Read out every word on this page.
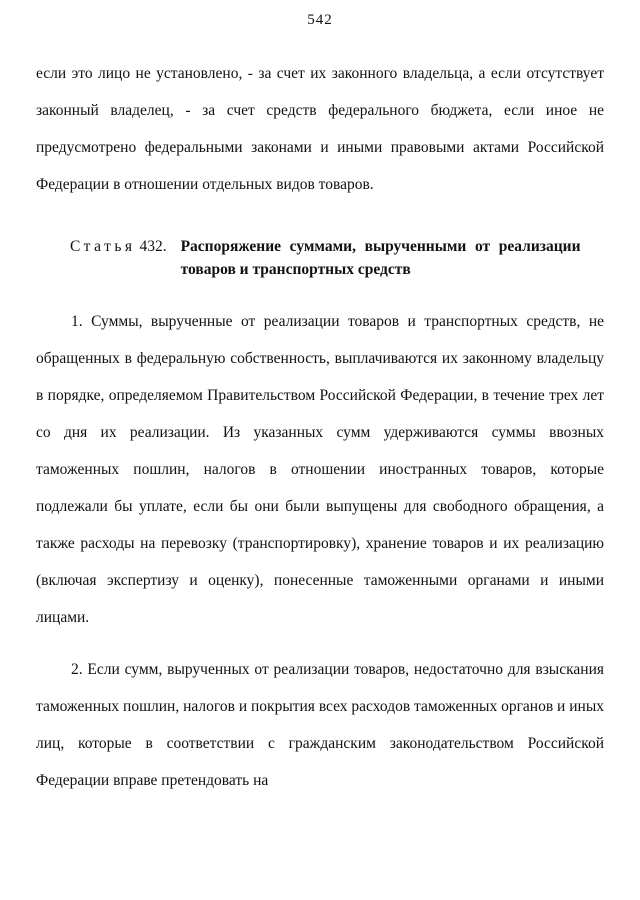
542

если это лицо не установлено, - за счет их законного владельца, а если отсутствует законный владелец, - за счет средств федерального бюджета, если иное не предусмотрено федеральными законами и иными правовыми актами Российской Федерации в отношении отдельных видов товаров.

Статья 432. Распоряжение суммами, вырученными от реализации товаров и транспортных средств

1. Суммы, вырученные от реализации товаров и транспортных средств, не обращенных в федеральную собственность, выплачиваются их законному владельцу в порядке, определяемом Правительством Российской Федерации, в течение трех лет со дня их реализации. Из указанных сумм удерживаются суммы ввозных таможенных пошлин, налогов в отношении иностранных товаров, которые подлежали бы уплате, если бы они были выпущены для свободного обращения, а также расходы на перевозку (транспортировку), хранение товаров и их реализацию (включая экспертизу и оценку), понесенные таможенными органами и иными лицами.

2. Если сумм, вырученных от реализации товаров, недостаточно для взыскания таможенных пошлин, налогов и покрытия всех расходов таможенных органов и иных лиц, которые в соответствии с гражданским законодательством Российской Федерации вправе претендовать на
